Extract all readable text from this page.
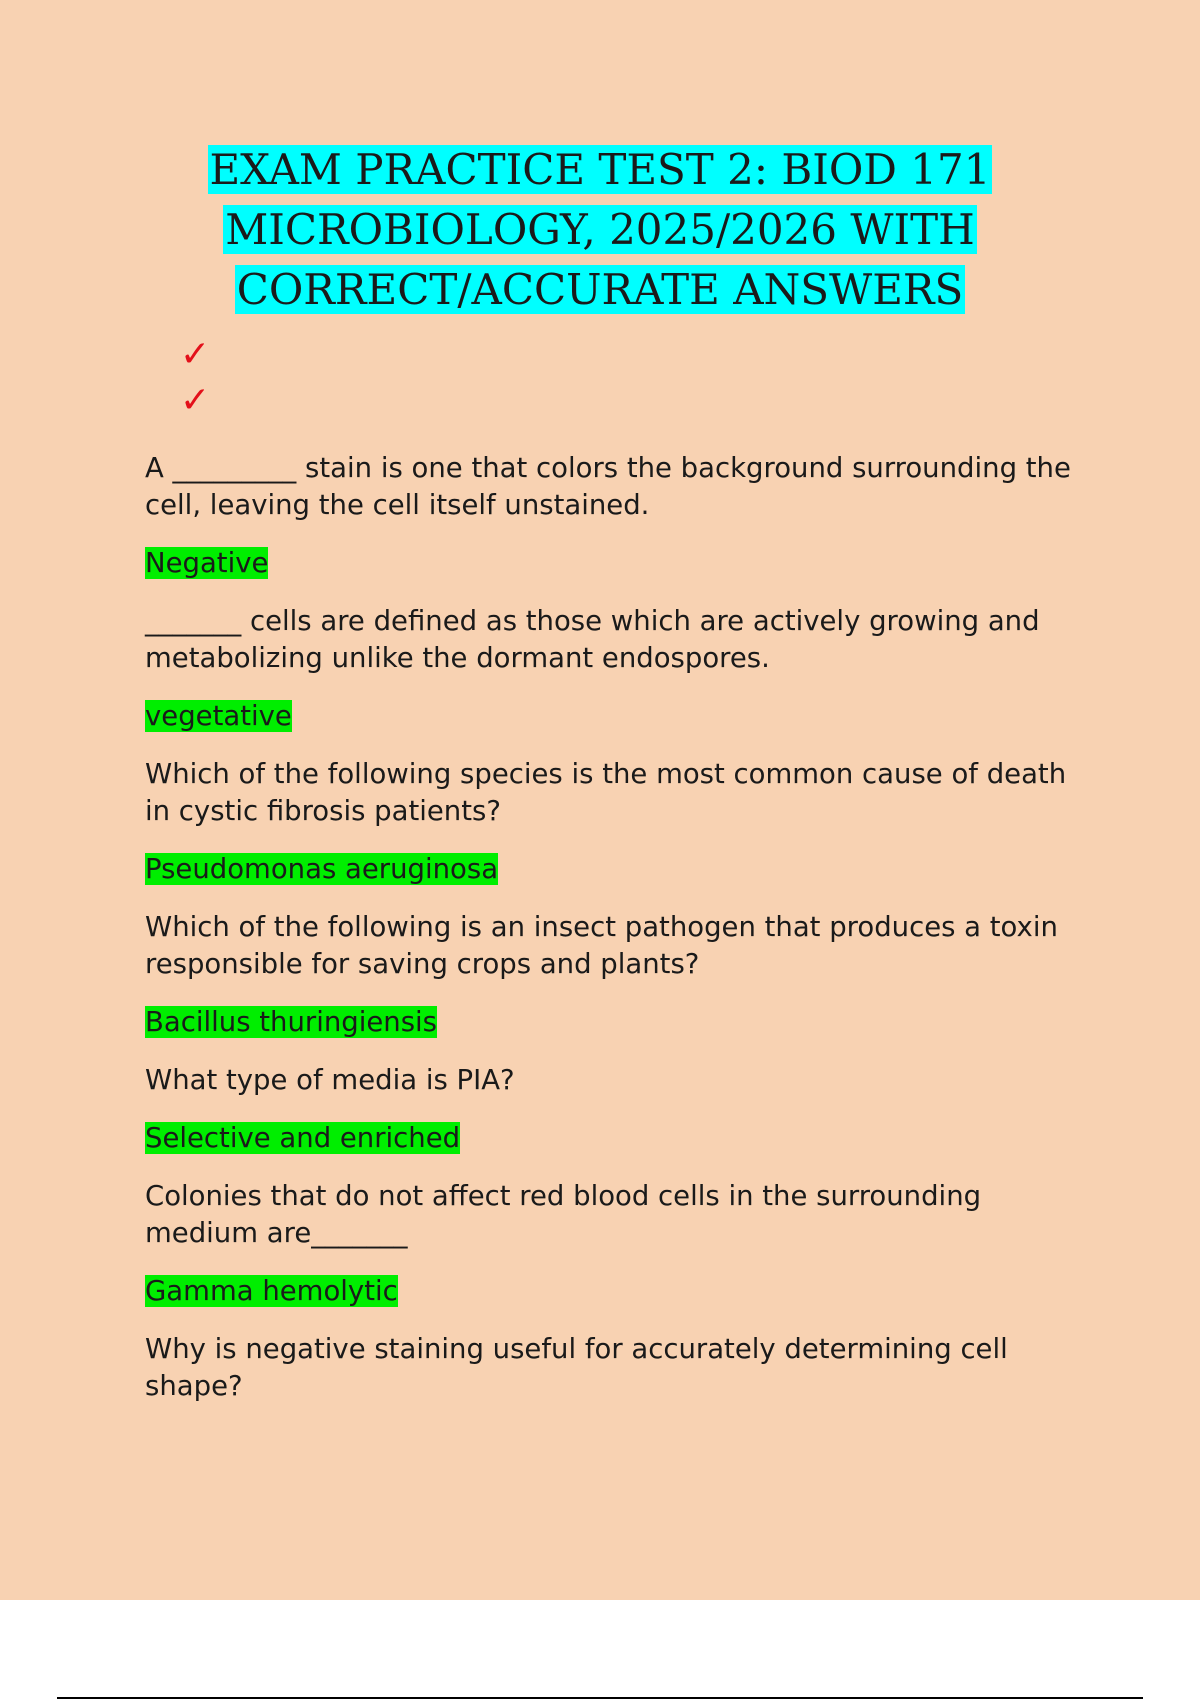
EXAM PRACTICE TEST 2: BIOD 171
MICROBIOLOGY, 2025/2026 WITH
CORRECT/ACCURATE ANSWERS
✓
✓

A _________ stain is one that colors the background surrounding the cell, leaving the cell itself unstained.

Negative

_______ cells are defined as those which are actively growing and metabolizing unlike the dormant endospores.

vegetative

Which of the following species is the most common cause of death in cystic fibrosis patients?

Pseudomonas aeruginosa

Which of the following is an insect pathogen that produces a toxin responsible for saving crops and plants?

Bacillus thuringiensis

What type of media is PIA?

Selective and enriched

Colonies that do not affect red blood cells in the surrounding medium are_______

Gamma hemolytic

Why is negative staining useful for accurately determining cell shape?
